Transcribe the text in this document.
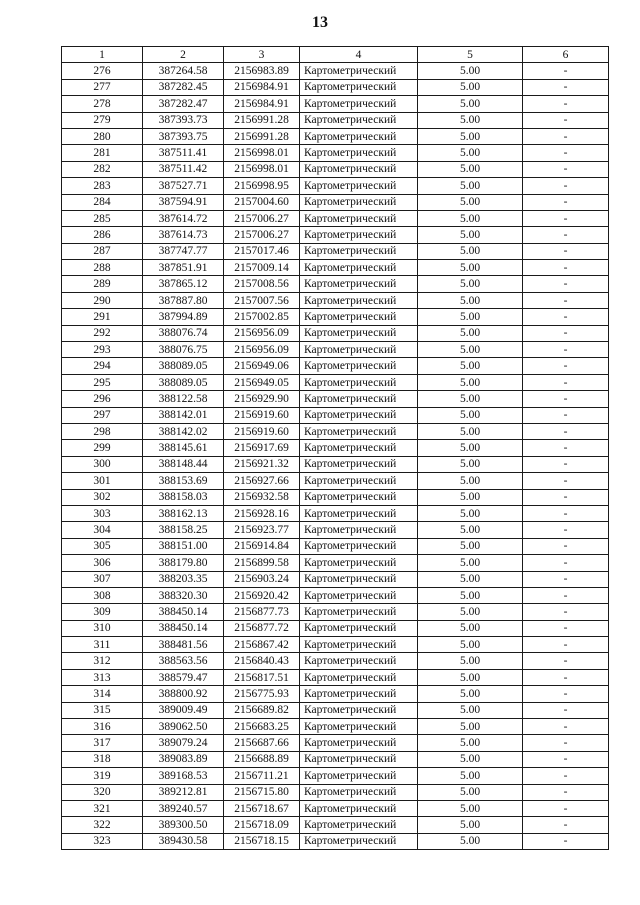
13
1	2	3	4	5	6
276	387264.58	2156983.89	Картометрический	5.00	-
277	387282.45	2156984.91	Картометрический	5.00	-
278	387282.47	2156984.91	Картометрический	5.00	-
279	387393.73	2156991.28	Картометрический	5.00	-
280	387393.75	2156991.28	Картометрический	5.00	-
281	387511.41	2156998.01	Картометрический	5.00	-
282	387511.42	2156998.01	Картометрический	5.00	-
283	387527.71	2156998.95	Картометрический	5.00	-
284	387594.91	2157004.60	Картометрический	5.00	-
285	387614.72	2157006.27	Картометрический	5.00	-
286	387614.73	2157006.27	Картометрический	5.00	-
287	387747.77	2157017.46	Картометрический	5.00	-
288	387851.91	2157009.14	Картометрический	5.00	-
289	387865.12	2157008.56	Картометрический	5.00	-
290	387887.80	2157007.56	Картометрический	5.00	-
291	387994.89	2157002.85	Картометрический	5.00	-
292	388076.74	2156956.09	Картометрический	5.00	-
293	388076.75	2156956.09	Картометрический	5.00	-
294	388089.05	2156949.06	Картометрический	5.00	-
295	388089.05	2156949.05	Картометрический	5.00	-
296	388122.58	2156929.90	Картометрический	5.00	-
297	388142.01	2156919.60	Картометрический	5.00	-
298	388142.02	2156919.60	Картометрический	5.00	-
299	388145.61	2156917.69	Картометрический	5.00	-
300	388148.44	2156921.32	Картометрический	5.00	-
301	388153.69	2156927.66	Картометрический	5.00	-
302	388158.03	2156932.58	Картометрический	5.00	-
303	388162.13	2156928.16	Картометрический	5.00	-
304	388158.25	2156923.77	Картометрический	5.00	-
305	388151.00	2156914.84	Картометрический	5.00	-
306	388179.80	2156899.58	Картометрический	5.00	-
307	388203.35	2156903.24	Картометрический	5.00	-
308	388320.30	2156920.42	Картометрический	5.00	-
309	388450.14	2156877.73	Картометрический	5.00	-
310	388450.14	2156877.72	Картометрический	5.00	-
311	388481.56	2156867.42	Картометрический	5.00	-
312	388563.56	2156840.43	Картометрический	5.00	-
313	388579.47	2156817.51	Картометрический	5.00	-
314	388800.92	2156775.93	Картометрический	5.00	-
315	389009.49	2156689.82	Картометрический	5.00	-
316	389062.50	2156683.25	Картометрический	5.00	-
317	389079.24	2156687.66	Картометрический	5.00	-
318	389083.89	2156688.89	Картометрический	5.00	-
319	389168.53	2156711.21	Картометрический	5.00	-
320	389212.81	2156715.80	Картометрический	5.00	-
321	389240.57	2156718.67	Картометрический	5.00	-
322	389300.50	2156718.09	Картометрический	5.00	-
323	389430.58	2156718.15	Картометрический	5.00	-
